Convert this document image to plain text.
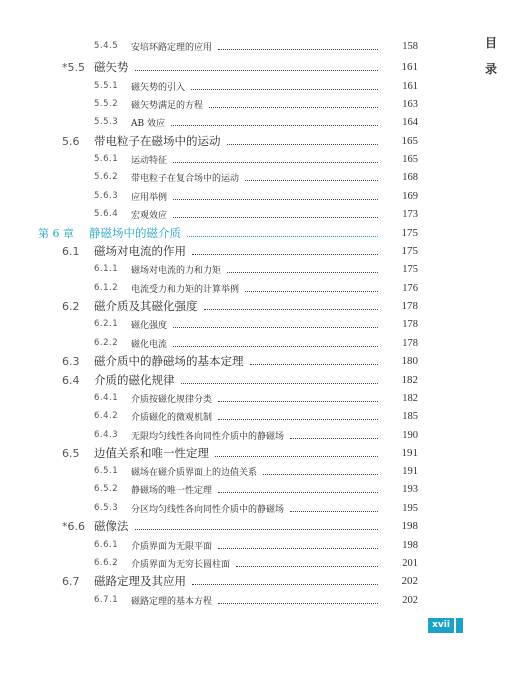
目
录
5.4.5 安培环路定理的应用	158
*5.5 磁矢势	161
5.5.1 磁矢势的引入	161
5.5.2 磁矢势满足的方程	163
5.5.3 AB 效应	164
5.6 带电粒子在磁场中的运动	165
5.6.1 运动特征	165
5.6.2 带电粒子在复合场中的运动	168
5.6.3 应用举例	169
5.6.4 宏观效应	173
第 6 章 静磁场中的磁介质	175
6.1 磁场对电流的作用	175
6.1.1 磁场对电流的力和力矩	175
6.1.2 电流受力和力矩的计算举例	176
6.2 磁介质及其磁化强度	178
6.2.1 磁化强度	178
6.2.2 磁化电流	178
6.3 磁介质中的静磁场的基本定理	180
6.4 介质的磁化规律	182
6.4.1 介质按磁化规律分类	182
6.4.2 介质磁化的微观机制	185
6.4.3 无限均匀线性各向同性介质中的静磁场	190
6.5 边值关系和唯一性定理	191
6.5.1 磁场在磁介质界面上的边值关系	191
6.5.2 静磁场的唯一性定理	193
6.5.3 分区均匀线性各向同性介质中的静磁场	195
*6.6 磁像法	198
6.6.1 介质界面为无限平面	198
6.6.2 介质界面为无穷长圆柱面	201
6.7 磁路定理及其应用	202
6.7.1 磁路定理的基本方程	202
xvii
